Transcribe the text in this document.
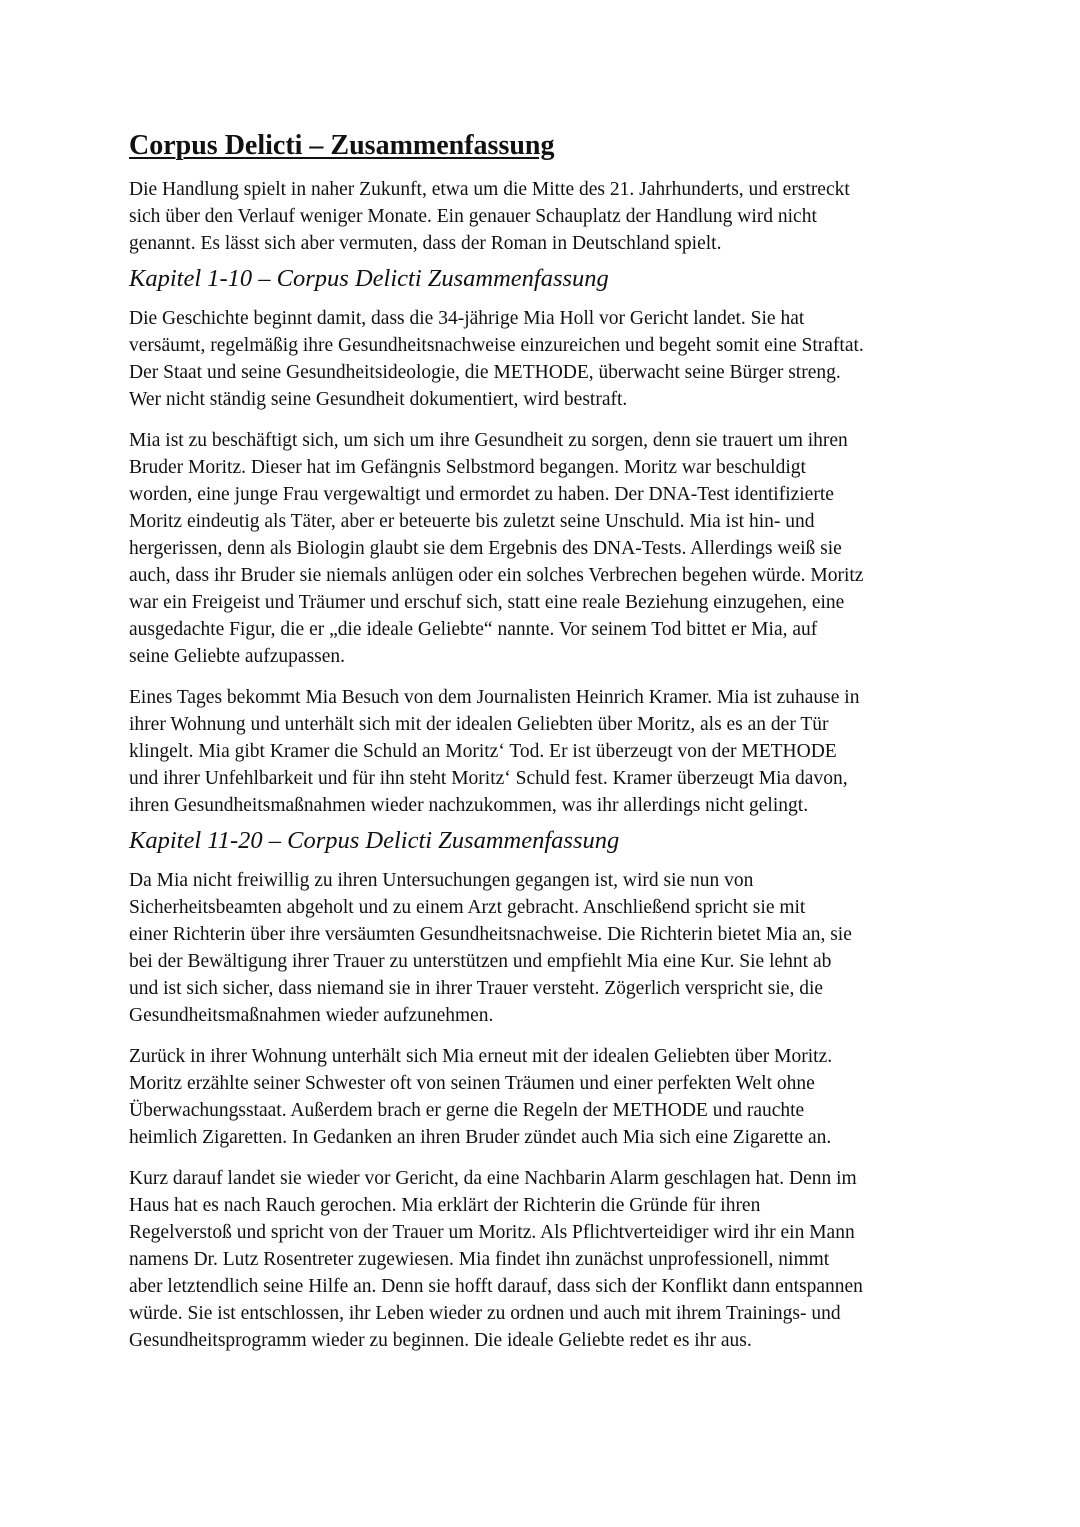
Corpus Delicti – Zusammenfassung
Die Handlung spielt in naher Zukunft, etwa um die Mitte des 21. Jahrhunderts, und erstreckt
sich über den Verlauf weniger Monate. Ein genauer Schauplatz der Handlung wird nicht
genannt. Es lässt sich aber vermuten, dass der Roman in Deutschland spielt.
Kapitel 1-10 – Corpus Delicti Zusammenfassung
Die Geschichte beginnt damit, dass die 34-jährige Mia Holl vor Gericht landet. Sie hat
versäumt, regelmäßig ihre Gesundheitsnachweise einzureichen und begeht somit eine Straftat.
Der Staat und seine Gesundheitsideologie, die METHODE, überwacht seine Bürger streng.
Wer nicht ständig seine Gesundheit dokumentiert, wird bestraft.
Mia ist zu beschäftigt sich, um sich um ihre Gesundheit zu sorgen, denn sie trauert um ihren
Bruder Moritz. Dieser hat im Gefängnis Selbstmord begangen. Moritz war beschuldigt
worden, eine junge Frau vergewaltigt und ermordet zu haben. Der DNA-Test identifizierte
Moritz eindeutig als Täter, aber er beteuerte bis zuletzt seine Unschuld. Mia ist hin- und
hergerissen, denn als Biologin glaubt sie dem Ergebnis des DNA-Tests. Allerdings weiß sie
auch, dass ihr Bruder sie niemals anlügen oder ein solches Verbrechen begehen würde. Moritz
war ein Freigeist und Träumer und erschuf sich, statt eine reale Beziehung einzugehen, eine
ausgedachte Figur, die er „die ideale Geliebte“ nannte. Vor seinem Tod bittet er Mia, auf
seine Geliebte aufzupassen.
Eines Tages bekommt Mia Besuch von dem Journalisten Heinrich Kramer. Mia ist zuhause in
ihrer Wohnung und unterhält sich mit der idealen Geliebten über Moritz, als es an der Tür
klingelt. Mia gibt Kramer die Schuld an Moritz‘ Tod. Er ist überzeugt von der METHODE
und ihrer Unfehlbarkeit und für ihn steht Moritz‘ Schuld fest. Kramer überzeugt Mia davon,
ihren Gesundheitsmaßnahmen wieder nachzukommen, was ihr allerdings nicht gelingt.
Kapitel 11-20 – Corpus Delicti Zusammenfassung
Da Mia nicht freiwillig zu ihren Untersuchungen gegangen ist, wird sie nun von
Sicherheitsbeamten abgeholt und zu einem Arzt gebracht. Anschließend spricht sie mit
einer Richterin über ihre versäumten Gesundheitsnachweise. Die Richterin bietet Mia an, sie
bei der Bewältigung ihrer Trauer zu unterstützen und empfiehlt Mia eine Kur. Sie lehnt ab
und ist sich sicher, dass niemand sie in ihrer Trauer versteht. Zögerlich verspricht sie, die
Gesundheitsmaßnahmen wieder aufzunehmen.
Zurück in ihrer Wohnung unterhält sich Mia erneut mit der idealen Geliebten über Moritz.
Moritz erzählte seiner Schwester oft von seinen Träumen und einer perfekten Welt ohne
Überwachungsstaat. Außerdem brach er gerne die Regeln der METHODE und rauchte
heimlich Zigaretten. In Gedanken an ihren Bruder zündet auch Mia sich eine Zigarette an.
Kurz darauf landet sie wieder vor Gericht, da eine Nachbarin Alarm geschlagen hat. Denn im
Haus hat es nach Rauch gerochen. Mia erklärt der Richterin die Gründe für ihren
Regelverstoß und spricht von der Trauer um Moritz. Als Pflichtverteidiger wird ihr ein Mann
namens Dr. Lutz Rosentreter zugewiesen. Mia findet ihn zunächst unprofessionell, nimmt
aber letztendlich seine Hilfe an. Denn sie hofft darauf, dass sich der Konflikt dann entspannen
würde. Sie ist entschlossen, ihr Leben wieder zu ordnen und auch mit ihrem Trainings- und
Gesundheitsprogramm wieder zu beginnen. Die ideale Geliebte redet es ihr aus.
